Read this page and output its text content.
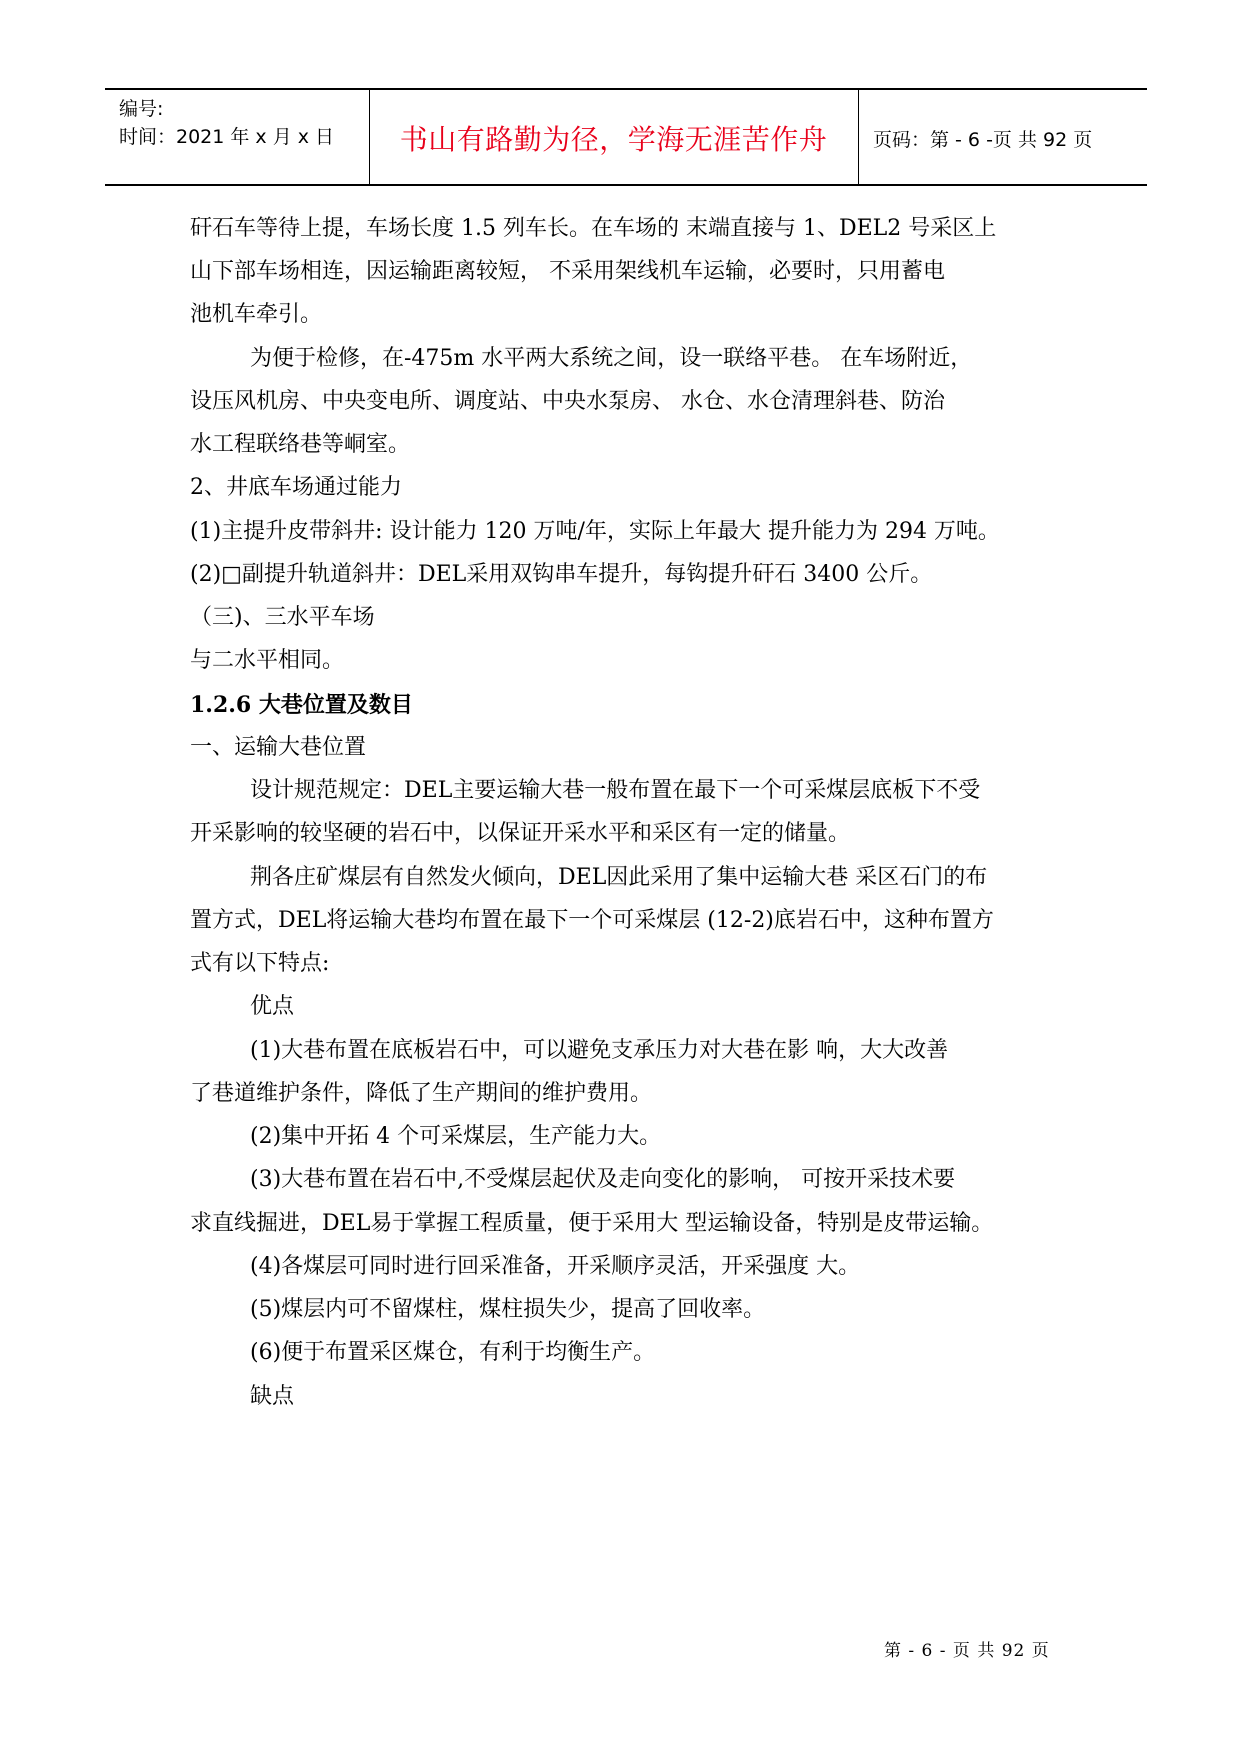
编号:
时间：2021 年 x 月 x 日	书山有路勤为径，学海无涯苦作舟	页码：第 - 6 -页 共 92 页
矸石车等待上提，车场长度 1.5 列车长。在车场的 末端直接与 1、DEL2 号采区上
山下部车场相连，因运输距离较短， 不采用架线机车运输，必要时，只用蓄电
池机车牵引。
为便于检修，在-475m 水平两大系统之间，设一联络平巷。 在车场附近，
设压风机房、中央变电所、调度站、中央水泵房、 水仓、水仓清理斜巷、防治
水工程联络巷等峒室。
2、井底车场通过能力
(1)主提升皮带斜井: 设计能力 120 万吨/年，实际上年最大 提升能力为 294 万吨。
(2)□副提升轨道斜井：DEL采用双钩串车提升，每钩提升矸石 3400 公斤。
（三)、三水平车场
与二水平相同。
1.2.6 大巷位置及数目
一、运输大巷位置
设计规范规定：DEL主要运输大巷一般布置在最下一个可采煤层底板下不受
开采影响的较坚硬的岩石中，以保证开采水平和采区有一定的储量。
荆各庄矿煤层有自然发火倾向，DEL因此采用了集中运输大巷 采区石门的布
置方式，DEL将运输大巷均布置在最下一个可采煤层 (12-2)底岩石中，这种布置方
式有以下特点:
优点
(1)大巷布置在底板岩石中，可以避免支承压力对大巷在影 响，大大改善
了巷道维护条件，降低了生产期间的维护费用。
(2)集中开拓 4 个可采煤层，生产能力大。
(3)大巷布置在岩石中,不受煤层起伏及走向变化的影响， 可按开采技术要
求直线掘进，DEL易于掌握工程质量，便于采用大 型运输设备，特别是皮带运输。
(4)各煤层可同时进行回采准备，开采顺序灵活，开采强度 大。
(5)煤层内可不留煤柱，煤柱损失少，提高了回收率。
(6)便于布置采区煤仓，有利于均衡生产。
缺点
第 - 6 - 页 共 92 页
